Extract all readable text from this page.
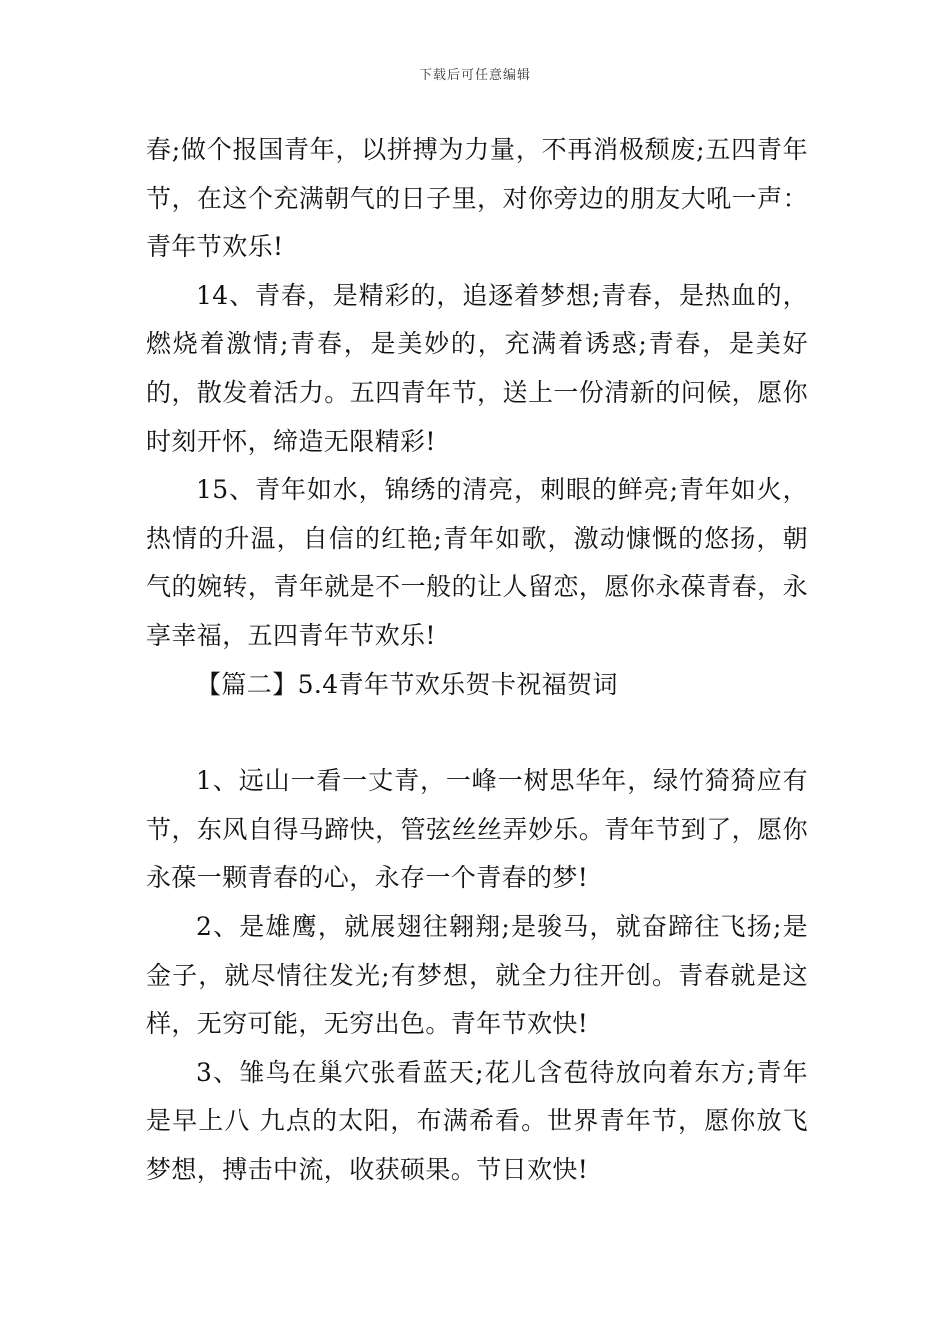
下载后可任意编辑

春;做个报国青年，以拼搏为力量，不再消极颓废;五四青年节，在这个充满朝气的日子里，对你旁边的朋友大吼一声：青年节欢乐!

14、青春，是精彩的，追逐着梦想;青春，是热血的，燃烧着激情;青春，是美妙的，充满着诱惑;青春，是美好的，散发着活力。五四青年节，送上一份清新的问候，愿你时刻开怀，缔造无限精彩!

15、青年如水，锦绣的清亮，刺眼的鲜亮;青年如火，热情的升温，自信的红艳;青年如歌，激动慷慨的悠扬，朝气的婉转，青年就是不一般的让人留恋，愿你永葆青春，永享幸福，五四青年节欢乐!

【篇二】5.4青年节欢乐贺卡祝福贺词

1、远山一看一丈青，一峰一树思华年，绿竹猗猗应有节，东风自得马蹄快，管弦丝丝弄妙乐。青年节到了，愿你永葆一颗青春的心，永存一个青春的梦!

2、是雄鹰，就展翅往翱翔;是骏马，就奋蹄往飞扬;是金子，就尽情往发光;有梦想，就全力往开创。青春就是这样，无穷可能，无穷出色。青年节欢快!

3、雏鸟在巢穴张看蓝天;花儿含苞待放向着东方;青年是早上八 九点的太阳，布满希看。世界青年节，愿你放飞梦想，搏击中流，收获硕果。节日欢快!
